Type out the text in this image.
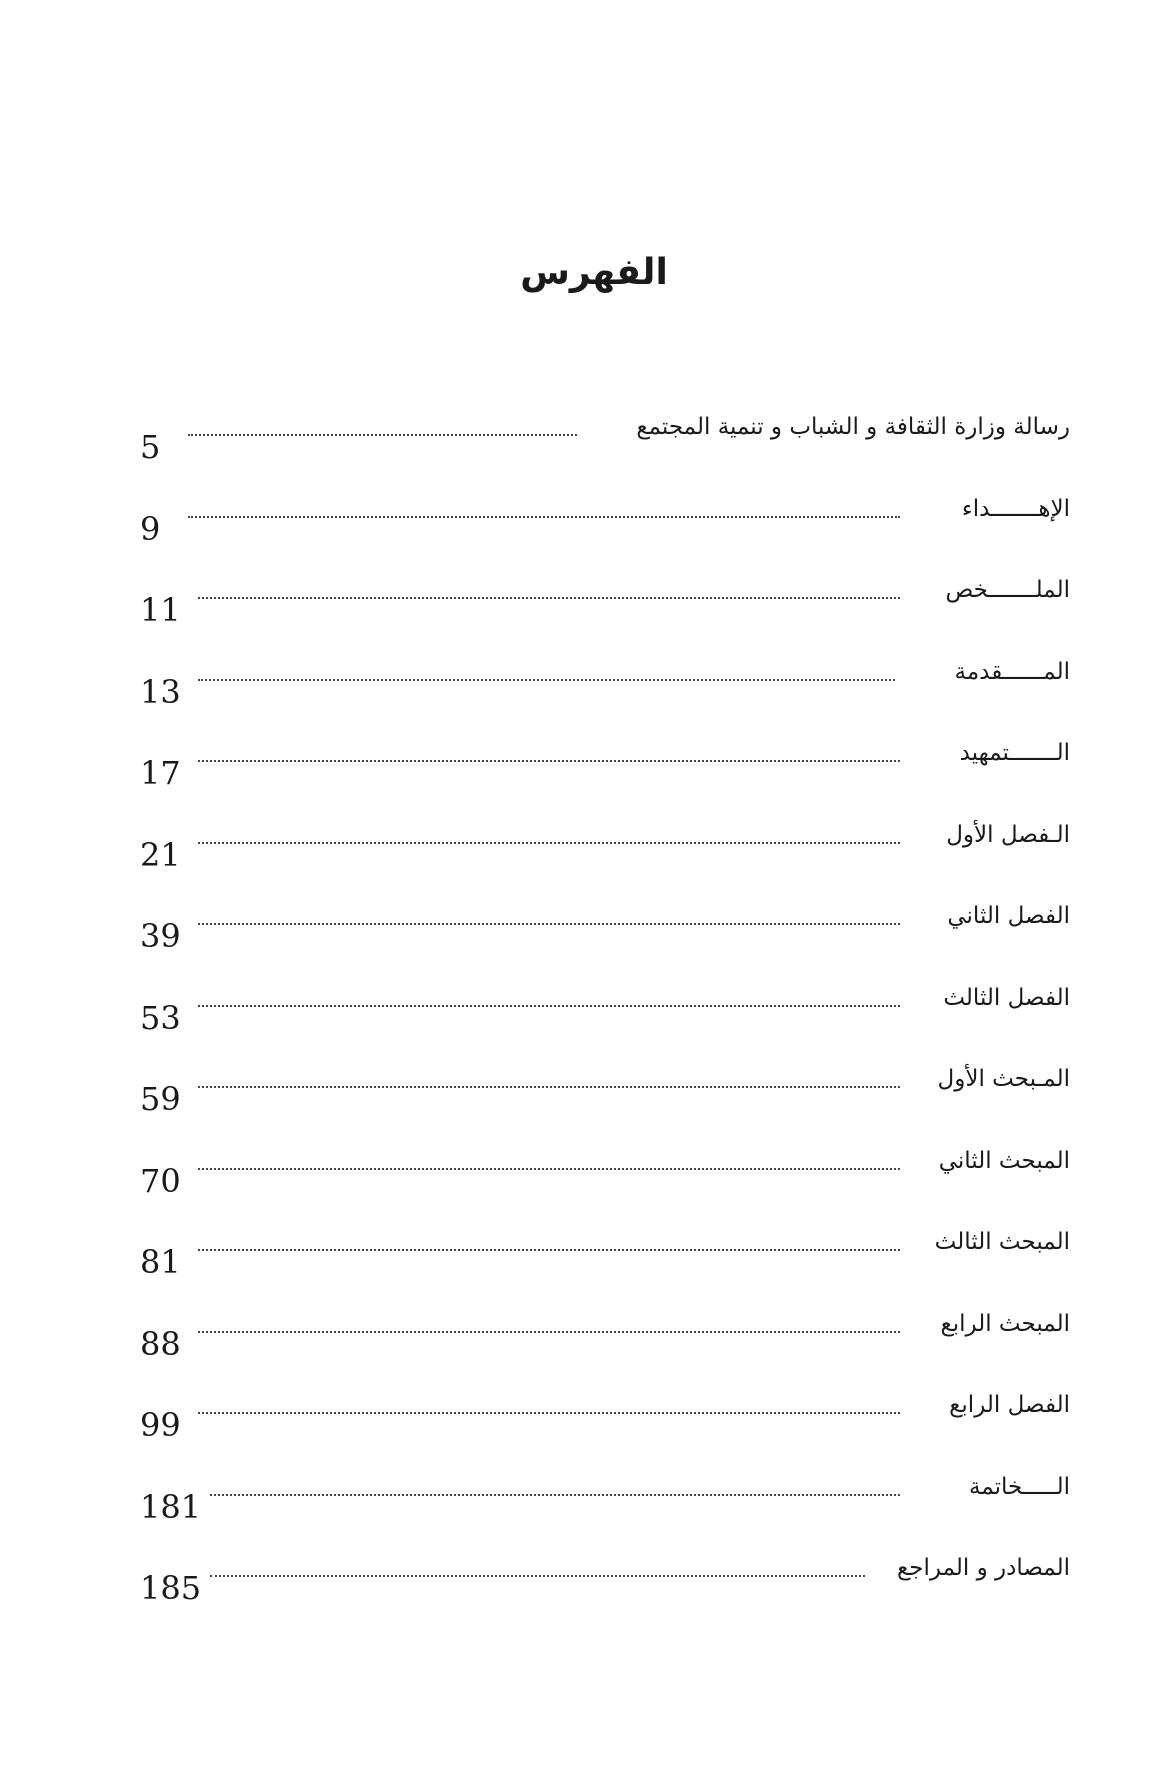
الفهرس
رسالة وزارة الثقافة و الشباب و تنمية المجتمع
5
الإهـــــــداء
9
الملـــــــخص
11
المــــــقدمة
13
الـــــــتمهيد
17
الـفصل الأول
21
الفصل الثاني
39
الفصل الثالث
53
المـبحث الأول
59
المبحث الثاني
70
المبحث الثالث
81
المبحث الرابع
88
الفصل الرابع
99
الـــــخاتمة
181
المصادر و المراجع
185
